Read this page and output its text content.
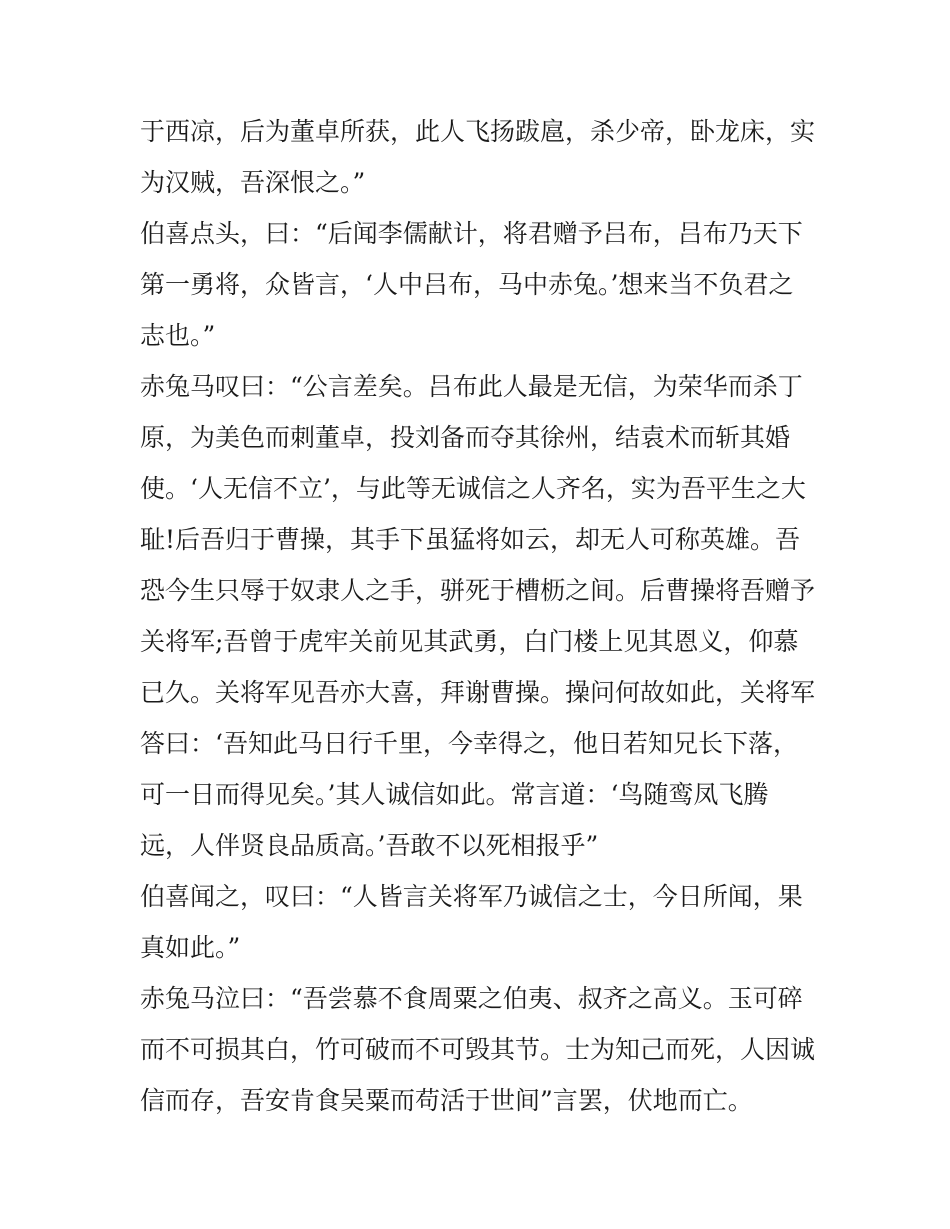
于西凉，后为董卓所获，此人飞扬跋扈，杀少帝，卧龙床，实
为汉贼，吾深恨之。”
伯喜点头，曰：“后闻李儒献计，将君赠予吕布，吕布乃天下
第一勇将，众皆言，‘人中吕布，马中赤兔。’想来当不负君之
志也。”
赤兔马叹曰：“公言差矣。吕布此人最是无信，为荣华而杀丁
原，为美色而刺董卓，投刘备而夺其徐州，结袁术而斩其婚
使。‘人无信不立’，与此等无诚信之人齐名，实为吾平生之大
耻!后吾归于曹操，其手下虽猛将如云，却无人可称英雄。吾
恐今生只辱于奴隶人之手，骈死于槽枥之间。后曹操将吾赠予
关将军;吾曾于虎牢关前见其武勇，白门楼上见其恩义，仰慕
已久。关将军见吾亦大喜，拜谢曹操。操问何故如此，关将军
答曰：‘吾知此马日行千里，今幸得之，他日若知兄长下落，
可一日而得见矣。’其人诚信如此。常言道：‘鸟随鸾凤飞腾
远，人伴贤良品质高。’吾敢不以死相报乎”
伯喜闻之，叹曰：“人皆言关将军乃诚信之士，今日所闻，果
真如此。”
赤兔马泣曰：“吾尝慕不食周粟之伯夷、叔齐之高义。玉可碎
而不可损其白，竹可破而不可毁其节。士为知己而死，人因诚
信而存，吾安肯食吴粟而苟活于世间”言罢，伏地而亡。
